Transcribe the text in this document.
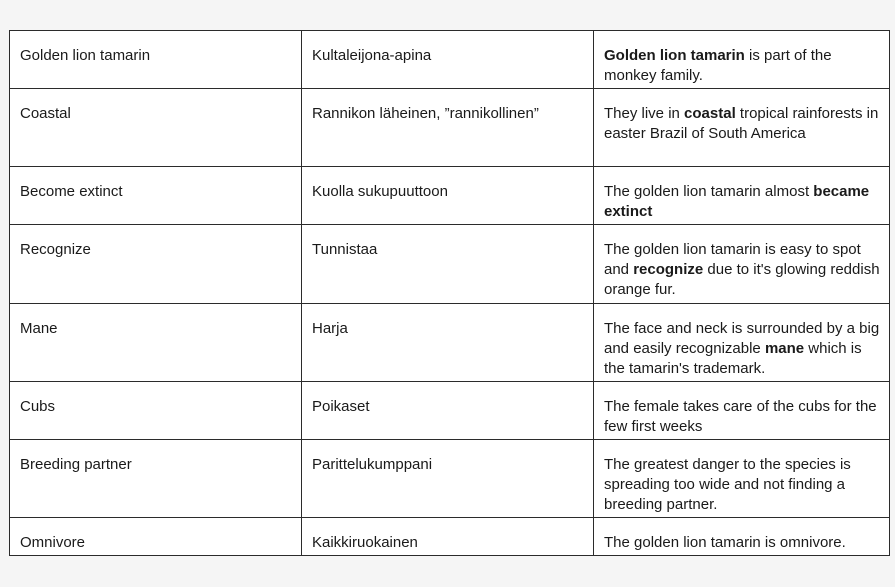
Golden lion tamarin	Kultaleijona-apina	Golden lion tamarin is part of the monkey family.
Coastal	Rannikon läheinen, ”rannikollinen”	They live in coastal tropical rainforests in easter Brazil of South America
Become extinct	Kuolla sukupuuttoon	The golden lion tamarin almost became extinct
Recognize	Tunnistaa	The golden lion tamarin is easy to spot and recognize due to it's glowing reddish orange fur.
Mane	Harja	The face and neck is surrounded by a big and easily recognizable mane which is the tamarin's trademark.
Cubs	Poikaset	The female takes care of the cubs for the few first weeks
Breeding partner	Parittelukumppani	The greatest danger to the species is spreading too wide and not finding a breeding partner.
Omnivore	Kaikkiruokainen	The golden lion tamarin is omnivore.
